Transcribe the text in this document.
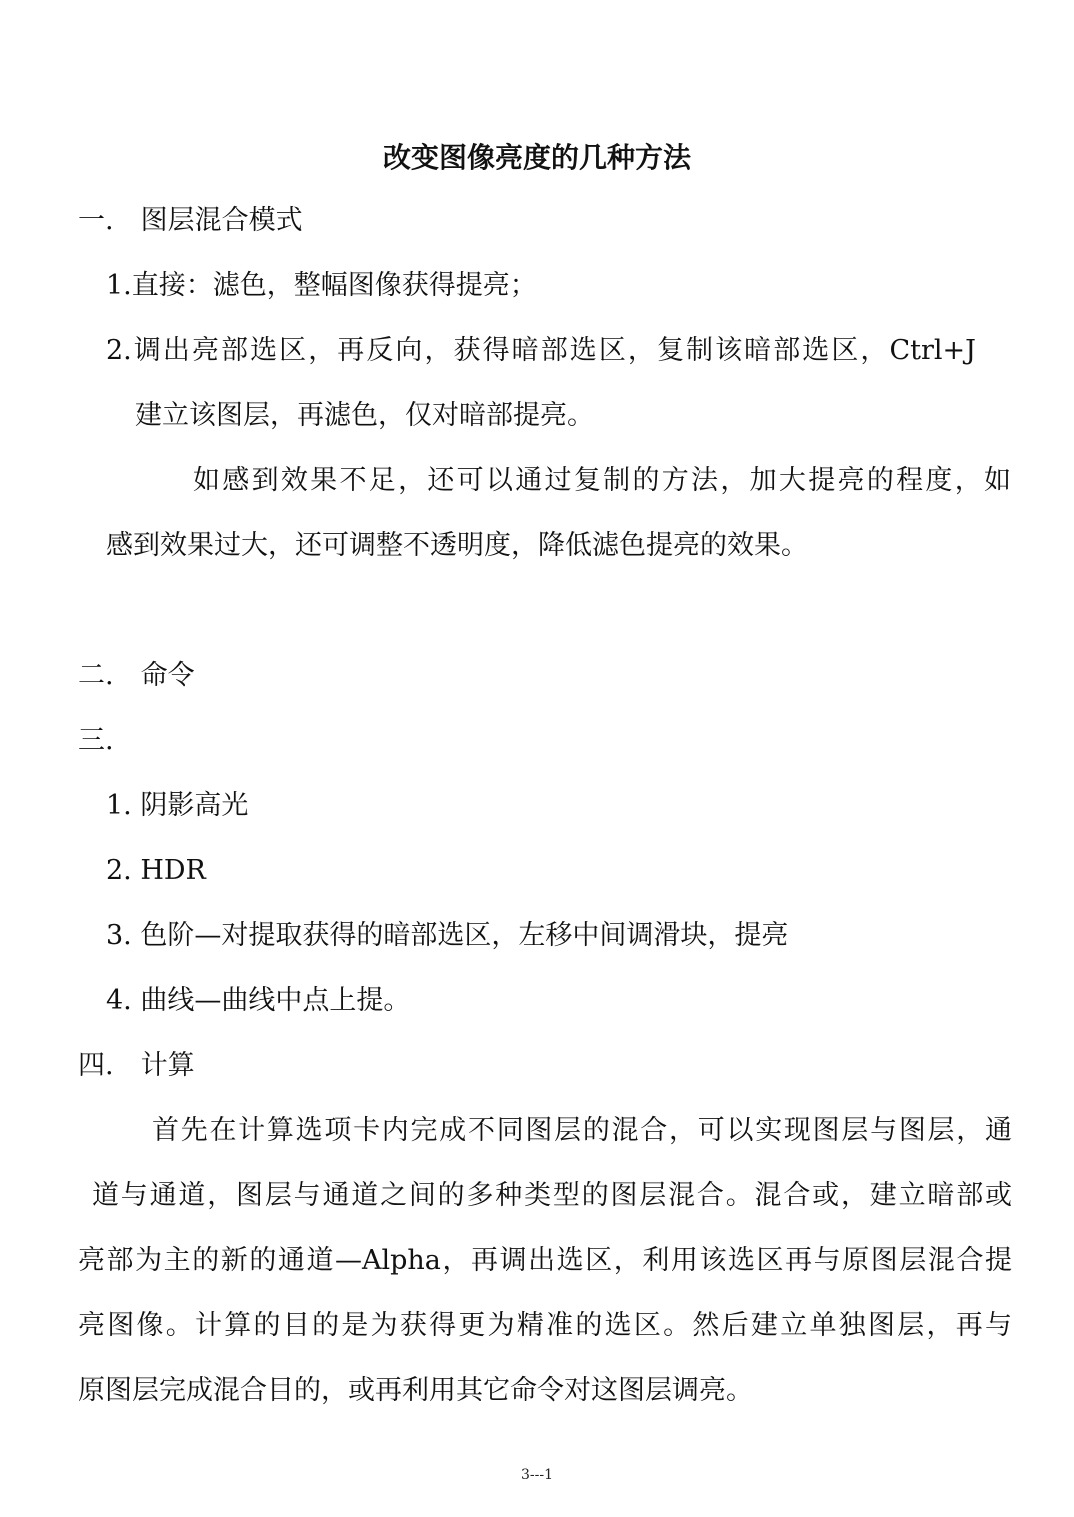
改变图像亮度的几种方法
一.　图层混合模式
1.直接：滤色，整幅图像获得提亮；
2.调出亮部选区，再反向，获得暗部选区，复制该暗部选区，Ctrl+J
建立该图层，再滤色，仅对暗部提亮。
如感到效果不足，还可以通过复制的方法，加大提亮的程度，如
感到效果过大，还可调整不透明度，降低滤色提亮的效果。
二.　命令
三.
1. 阴影高光
2. HDR
3. 色阶—对提取获得的暗部选区，左移中间调滑块，提亮
4. 曲线—曲线中点上提。
四.　计算
首先在计算选项卡内完成不同图层的混合，可以实现图层与图层，通
道与通道，图层与通道之间的多种类型的图层混合。混合或，建立暗部或
亮部为主的新的通道—Alpha，再调出选区，利用该选区再与原图层混合提
亮图像。计算的目的是为获得更为精准的选区。然后建立单独图层，再与
原图层完成混合目的，或再利用其它命令对这图层调亮。
3---1
